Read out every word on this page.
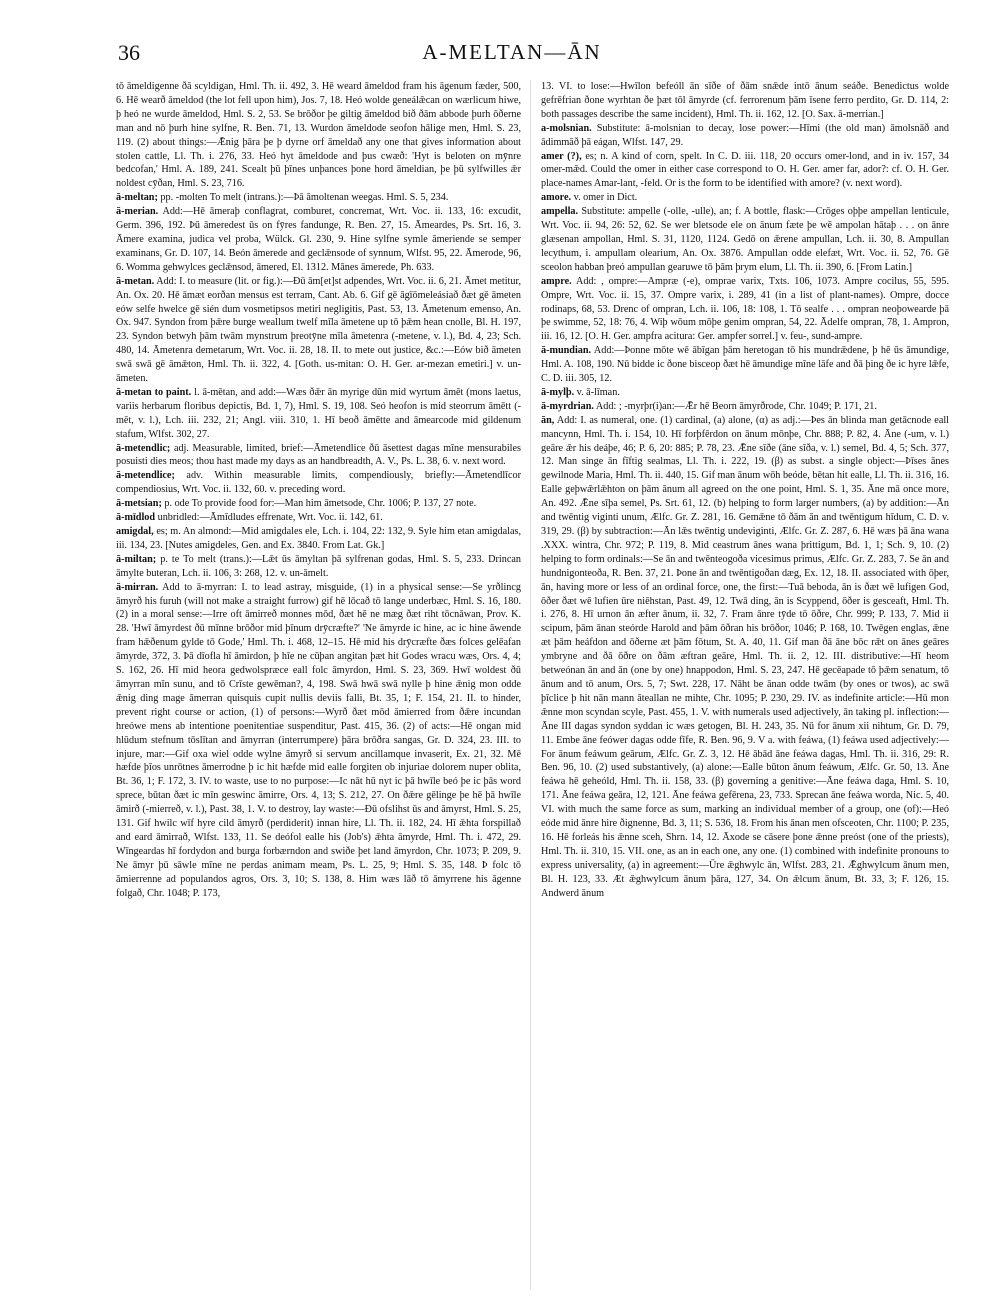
36	A-MELTAN—ĀN

tō āmeldigenne ðā scyldigan, Hml. Th. ii. 492, 3. Hē weard āmeldod fram his āgenum fæder, 500, 6. Hē wearð āmeldod (the lot fell upon him), Jos. 7, 18. Heó wolde geneálǣcan on wærlicum hiwe, þ heó ne wurde āmeldod, Hml. S. 2, 53. Se brōðor þe giltig āmeldod bið ðām abbode þurh ōðerne man and nō þurh hine sylfne, R. Ben. 71, 13. Wurdon āmeldode seofon hālige men, Hml. S. 23, 119. (2) about things:—Ǣnig þāra þe þ dyrne orf āmeldað any one that gives information about stolen cattle, Ll. Th. i. 276, 33. Heó hyt āmeldode and þus cwæð: 'Hyt is beloten on mȳnre bedcofan,' Hml. A. 189, 241. Scealt þū þīnes unþances þone hord āmeldian, þe þū sylfwilles ǣr noldest cȳðan, Hml. S. 23, 716.

ā-meltan; pp. -molten To melt (intrans.):—Þā āmoltenan weegas. Hml. S. 5, 234.

ā-merian. Add:—Hē āmeraþ conflagrat, comburet, concremat, Wrt. Voc. ii. 133, 16: excudit, Germ. 396, 192. Þū āmeredest ūs on fȳres fandunge, R. Ben. 27, 15. Āmeardes, Ps. Srt. 16, 3. Āmere examina, judica vel proba, Wülck. Gl. 230, 9. Hine sylfne symle āmeriende se semper examinans, Gr. D. 107, 14. Beón āmerede and geclǣnsode of synnum, Wlfst. 95, 22. Āmerode, 96, 6. Womma gehwylces geclǣnsod, āmered, El. 1312. Mānes āmerede, Ph. 633.

ā-metan. Add: I. to measure (lit. or fig.):—Ðū ām[et]st adpendes, Wrt. Voc. ii. 6, 21. Āmet metitur, An. Ox. 20. Hē āmæt eorðan mensus est terram, Cant. Ab. 6. Gif gē āgīōmeleásiað ðæt gē āmeten eów selfe hwelce gē sién dum vosmetipsos metiri negligitis, Past. 53, 13. Āmetenum emenso, An. Ox. 947. Syndon from þǣre burge weallum twelf mīla āmetene up tō þǣm hean cnolle, Bl. H. 197, 23. Syndon betwyh þām twām mynstrum þreotȳne mīla āmetenra (-metene, v. l.), Bd. 4, 23; Sch. 480, 14. Āmetenra demetarum, Wrt. Voc. ii. 28, 18. II. to mete out justice, &c.:—Eów bið āmeten swā swā gē āmǣton, Hml. Th. ii. 322, 4. [Goth. us-mitan: O. H. Ger. ar-mezan emetiri.] v. un-āmeten.

ā-metan to paint. l. ā-mētan, and add:—Wæs ðǣr ān myrige dūn mid wyrtum āmēt (mons laetus, variis herbarum floribus depictis, Bd. 1, 7), Hml. S. 19, 108. Seó heofon is mid steorrum āmētt (-mēt, v. l.), Lch. iii. 232, 21; Angl. viii. 310, 1. Hī beoð āmētte and āmearcode mid gildenum stafum, Wlfst. 302, 27.

ā-metendlic; adj. Measurable, limited, brief:—Āmetendlice ðū āsettest dagas mīne mensurabiles posuisti dies meos; thou hast made my days as an handbreadth, A. V., Ps. L. 38, 6. v. next word.

ā-metendlice; adv. Within measurable limits, compendiously, briefly:—Āmetendlīcor compendiosius, Wrt. Voc. ii. 132, 60. v. preceding word.

ā-metsian; p. ode To provide food for:—Man him āmetsode, Chr. 1006; P. 137, 27 note.

ā-mīdlod unbridled:—Āmīdludes effrenate, Wrt. Voc. ii. 142, 61.

amigdal, es; m. An almond:—Mid amigdales ele, Lch. i. 104, 22: 132, 9. Syle him etan amigdalas, iii. 134, 23. [Nutes amigdeles, Gen. and Ex. 3840. From Lat. Gk.]

ā-miltan; p. te To melt (trans.):—Lǣt ūs āmyltan þā sylfrenan godas, Hml. S. 5, 233. Drincan āmylte buteran, Lch. ii. 106, 3: 268, 12. v. un-āmelt.

ā-mirran. Add to ā-myrran: I. to lead astray, misguide, (1) in a physical sense:—Se yrðlincg āmyrð his furuh (will not make a straight furrow) gif hē lōcað tō lange underbæc, Hml. S. 16, 180. (2) in a moral sense:—Irre oft āmirreð monnes mōd, ðæt hē ne mæg ðæt riht tōcnāwan, Prov. K. 28. 'Hwī āmyrdest ðū mīnne brōðor mid þīnum drȳcræfte?' 'Ne āmyrde ic hine, ac ic hine āwende fram hǣðenum gylde tō Gode,' Hml. Th. i. 468, 12–15. Hē mid his drȳcræfte ðæs folces gelēafan āmyrde, 372, 3. Þā dīofla hī āmirdon, þ hīe ne cūþan angitan þæt hit Godes wracu wæs, Ors. 4, 4; S. 162, 26. Hī mid heora gedwolspræce eall folc āmyrdon, Hml. S. 23, 369. Hwī woldest ðū āmyrran mīn sunu, and tō Crīste gewēman?, 4, 198. Swā hwā swā nylle þ hine ǣnig mon odde ǣnig ding mage āmerran quisquis cupit nullis deviis falli, Bt. 35, 1; F. 154, 21. II. to hinder, prevent right course or action, (1) of persons:—Wyrð ðæt mōd āmierred from ðǣre incundan hreówe mens ab intentione poenitentiae suspenditur, Past. 415, 36. (2) of acts:—Hē ongan mid hlūdum stefnum tōslītan and āmyrran (interrumpere) þāra brōðra sangas, Gr. D. 324, 23. III. to injure, mar:—Gif oxa wiel odde wylne āmyrð si servum ancillamque invaserit, Ex. 21, 32. Mē hæfde þīos unrōtnes āmerrodne þ ic hit hæfde mid ealle forgiten ob injuriae dolorem nuper oblita, Bt. 36, 1; F. 172, 3. IV. to waste, use to no purpose:—Ic nāt hū nyt ic þā hwīle beó þe ic þās word sprece, būtan ðæt ic mīn geswinc āmirre, Ors. 4, 13; S. 212, 27. On ðǣre gēlinge þe hē þā hwīle āmirð (-mierreð, v. l.), Past. 38, 1. V. to destroy, lay waste:—Ðū ofslihst ūs and āmyrst, Hml. S. 25, 131. Gif hwilc wīf hyre cild āmyrð (perdiderit) innan hire, Ll. Th. ii. 182, 24. Hī ǣhta forspillað and eard āmirrað, Wlfst. 133, 11. Se deófol ealle his (Job's) ǣhta āmyrde, Hml. Th. i. 472, 29. Wīngeardas hī fordydon and burga forbærndon and swiðe þet land āmyrdon, Chr. 1073; P. 209, 9. Ne āmyr þū sāwle mīne ne perdas animam meam, Ps. L. 25, 9; Hml. S. 35, 148. Þ folc tō āmierrenne ad populandos agros, Ors. 3, 10; S. 138, 8. Him wæs lāð tō āmyrrene his āgenne folgað, Chr. 1048; P. 173,

13. VI. to lose:—Hwīlon befeóll ān sīðe of ðām snǣde intō ānum seáðe. Benedictus wolde gefrēfrian ðone wyrhtan ðe þæt tōl āmyrde (cf. ferrorenum þām īsene ferro perdito, Gr. D. 114, 2: both passages describe the same incident), Hml. Th. ii. 162, 12. [O. Sax. ā-merrian.]

a-molsnian. Substitute: ā-molsnian to decay, lose power:—Hīmi (the old man) āmolsnāð and ādimmāð þā eágan, Wlfst. 147, 29.

amer (?), es; n. A kind of corn, spelt. In C. D. iii. 118, 20 occurs omer-lond, and in iv. 157, 34 omer-mǣd. Could the omer in either case correspond to O. H. Ger. amer far, ador?: cf. O. H. Ger. place-names Amar-lant, -feld. Or is the form to be identified with amore? (v. next word).

amore. v. omer in Dict.

ampella. Substitute: ampelle (-olle, -ulle), an; f. A bottle, flask:—Crōges oþþe ampellan lenticule, Wrt. Voc. ii. 94, 26: 52, 62. Se wer bletsode ele on ānum fæte þe wē ampolan hātaþ . . . on ānre glæsenan ampollan, Hml. S. 31, 1120, 1124. Gedō on ǣrene ampullan, Lch. ii. 30, 8. Ampullan lecythum, i. ampullam olearium, An. Ox. 3876. Ampullan odde elefæt, Wrt. Voc. ii. 52, 76. Gē sceolon habban þreó ampullan gearuwe tō þām þrym elum, Ll. Th. ii. 390, 6. [From Latin.]

ampre. Add: , ompre:—Ampræ (-e), omprae varix, Txts. 106, 1073. Ampre cocilus, 55, 595. Ompre, Wrt. Voc. ii. 15, 37. Ompre varix, i. 289, 41 (in a list of plant-names). Ompre, docce rodinaps, 68, 53. Drenc of ompran, Lch. ii. 106, 18: 108, 1. Tō sealfe . . . ompran neoþowearde þā þe swimme, 52, 18: 76, 4. Wiþ wōum mōþe genim ompran, 54, 22. Ādelfe ompran, 78, 1. Ampron, iii. 16, 12. [O. H. Ger. ampfra acitura: Ger. ampfer sorrel.] v. feu-, sund-ampre.

ā-mundian. Add:—Þonne mōte wē ābīgan þām heretogan tō his mundrǣdene, þ hē ūs āmundige, Hml. A. 108, 190. Nū bidde ic ðone bisceop ðæt hē āmundige mīne lāfe and ðā þing ðe ic hyre lǣfe, C. D. iii. 305, 12.

ā-mylþ. v. ā-līman.

ā-myrdrian. Add: ; -myrþr(i)an:—Ǣr hē Beorn āmyrðrode, Chr. 1049; P. 171, 21.

ān, Add: I. as numeral, one. (1) cardinal, (a) alone, (α) as adj.:—Þes ān blinda man getācnode eall mancynn, Hml. Th. i. 154, 10. Hī forþfērdon on ānum mōnþe, Chr. 888; P. 82, 4. Āne (-um, v. l.) geāre ǣr his deáþe, 46; P. 6, 20: 885; P. 78, 23. Ǣne sīðe (āne sīða, v. l.) semel, Bd. 4, 5; Sch. 377, 12. Man singe ān fīftig sealmas, Ll. Th. i. 222, 19. (β) as subst. a single object:—Þīses ānes gewilnode Maria, Hml. Th. ii. 440, 15. Gif man ānum wōh beóde, bētan hit ealle, Ll. Th. ii. 316, 16. Ealle geþwǣrlǣhton on þām ānum all agreed on the one point, Hml. S. 1, 35. Āne mā once more, An. 492. Ǣne sīþa semel, Ps. Srt. 61, 12. (b) helping to form larger numbers, (a) by addition:—Ān and twēntig viginti unum, Ælfc. Gr. Z. 281, 16. Gemǣne tō ðām ān and twēntigum hīdum, C. D. v. 319, 29. (β) by subtraction:—Ān lǣs twēntig undeviginti, Ælfc. Gr. Z. 287, 6. Hē wæs þā āna wana .XXX. wintra, Chr. 972; P. 119, 8. Mid ceastrum ānes wana þrittigum, Bd. 1, 1; Sch. 9, 10. (2) helping to form ordinals:—Se ān and twēnteogoða vicesimus primus, Ælfc. Gr. Z. 283, 7. Se ān and hundnigonteoða, R. Ben. 37, 21. Þone ān and twēntigoðan dæg, Ex. 12, 18. II. associated with ōþer, ān, having more or less of an ordinal force, one, the first:—Tuā beboda, ān is ðæt wē lufigen God, ōðer ðæt wē lufien ūre niēhstan, Past. 49, 12. Twā ding, ān is Scyppend, ōðer is gesceaft, Hml. Th. i. 276, 8. Hī urnon ān æfter ānum, ii. 32, 7. Fram ānre tȳde tō ōðre, Chr. 999; P. 133, 7. Mid ii scipum, þām ānan steórde Harold and þām ōðran his brōðor, 1046; P. 168, 10. Twēgen englas, ǣne æt þām heáfdon and ōðerne æt þām fōtum, St. A. 40, 11. Gif man ðā āne bōc rǣt on ānes geāres ymbryne and ðā ōðre on ðām æftran geāre, Hml. Th. ii. 2, 12. III. distributive:—Hī heom betweónan ān and ān (one by one) hnappodon, Hml. S. 23, 247. Hē gecēapade tō þǣm senatum, tō ānum and tō anum, Ors. 5, 7; Swt. 228, 17. Nāht be ānan odde twām (by ones or twos), ac swā þīclice þ hit nān mann āteallan ne mihte, Chr. 1095; P. 230, 29. IV. as indefinite article:—Hū mon ǣnne mon scyndan scyle, Past. 455, 1. V. with numerals used adjectively, ān taking pl. inflection:—Āne III dagas syndon syddan ic wæs getogen, Bl. H. 243, 35. Nū for ānum xii nihtum, Gr. D. 79, 11. Embe āne feówer dagas odde fīfe, R. Ben. 96, 9. V a. with feáwa, (1) feáwa used adjectively:—For ānum feáwum geārum, Ælfc. Gr. Z. 3, 12. Hē ābād āne feáwa dagas, Hml. Th. ii. 316, 29: R. Ben. 96, 10. (2) used substantively, (a) alone:—Ealle būton ānum feáwum, Ælfc. Gr. 50, 13. Āne feáwa hē geheóld, Hml. Th. ii. 158, 33. (β) governing a genitive:—Āne feáwa daga, Hml. S. 10, 171. Āne feáwa geāra, 12, 121. Āne feáwa gefērena, 23, 733. Sprecan āne feáwa worda, Nic. 5, 40. VI. with much the same force as sum, marking an individual member of a group, one (of):—Heó eóde mid ānre hire ðignenne, Bd. 3, 11; S. 536, 18. From his ānan men ofsceoten, Chr. 1100; P. 235, 16. Hē forleás his ǣnne sceh, Shrn. 14, 12. Āxode se cāsere þone ǣnne preóst (one of the priests), Hml. Th. ii. 310, 15. VII. one, as an in each one, any one. (1) combined with indefinite pronouns to express universality, (a) in agreement:—Ūre ǣghwylc ān, Wlfst. 283, 21. Ǣghwylcum ānum men, Bl. H. 123, 33. Æt ǣghwylcum ānum þāra, 127, 34. On ǣlcum ānum, Bt. 33, 3; F. 126, 15. Andwerd ānum
